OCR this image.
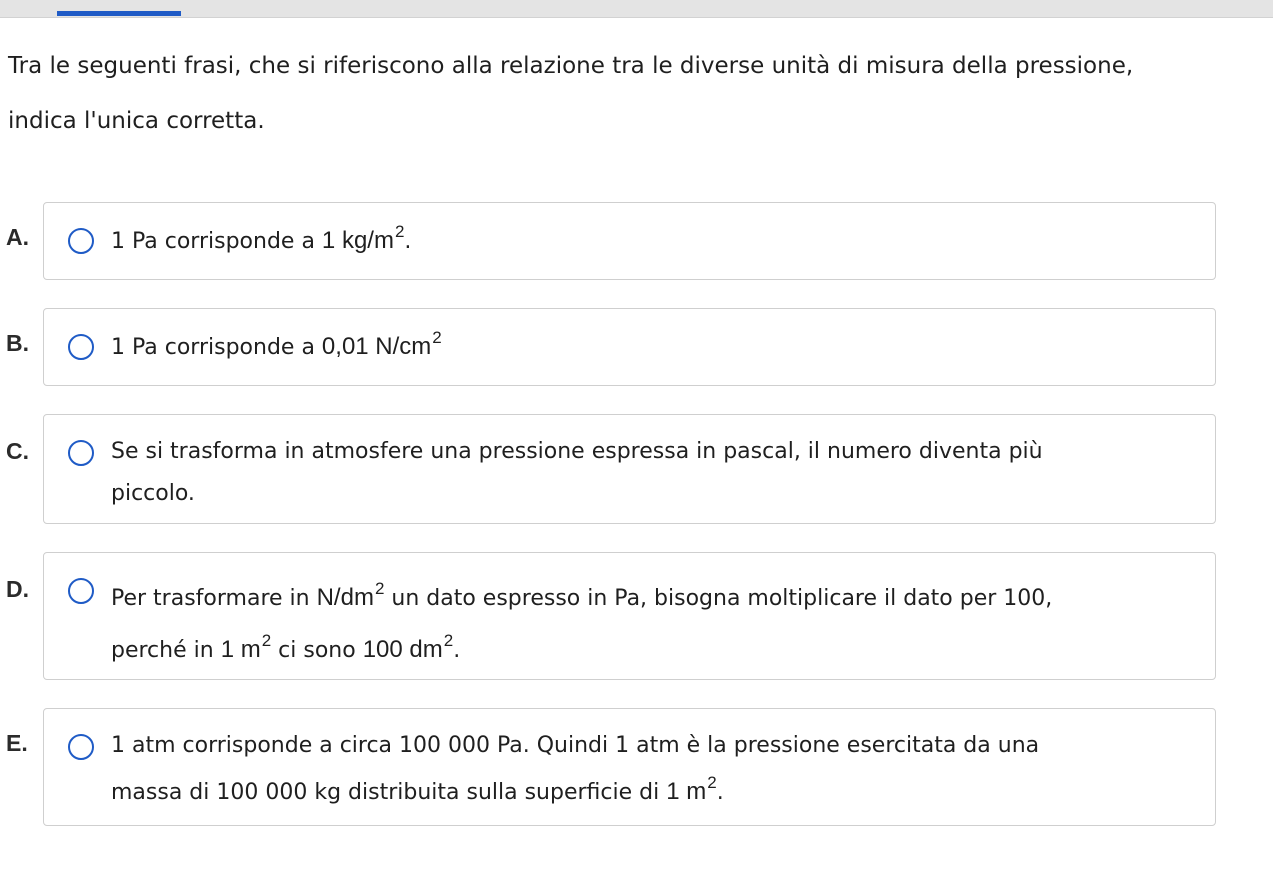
Tra le seguenti frasi, che si riferiscono alla relazione tra le diverse unità di misura della pressione,
indica l'unica corretta.
A.	1 Pa corrisponde a 1 $kg/m^2$.
B.	1 Pa corrisponde a 0,01 $N/cm^2$
C.	Se si trasforma in atmosfere una pressione espressa in pascal, il numero diventa più
piccolo.
D.	Per trasformare in $N/dm^2$ un dato espresso in Pa, bisogna moltiplicare il dato per 100,
perché in 1 $m^2$ ci sono 100 $dm^2$.
E.	1 atm corrisponde a circa 100 000 Pa. Quindi 1 atm è la pressione esercitata da una
massa di 100 000 kg distribuita sulla superficie di 1 $m^2$.
